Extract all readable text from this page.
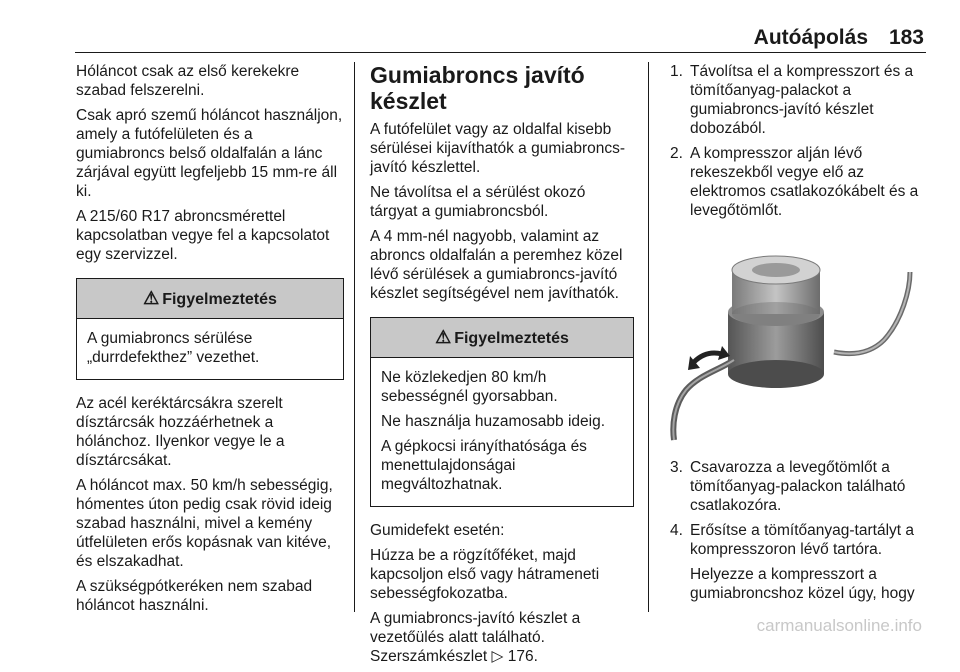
Autóápolás 183

Hóláncot csak az első kerekekre szabad felszerelni.

Csak apró szemű hóláncot használjon, amely a futófelületen és a gumiabroncs belső oldalfalán a lánc zárjával együtt legfeljebb 15 mm-re áll ki.

A 215/60 R17 abroncsmérettel kapcsolatban vegye fel a kapcsolatot egy szervizzel.

⚠ Figyelmeztetés

A gumiabroncs sérülése „durrdefekthez” vezethet.

Az acél keréktárcsákra szerelt dísztárcsák hozzáérhetnek a hólánchoz. Ilyenkor vegye le a dísztárcsákat.

A hóláncot max. 50 km/h sebességig, hómentes úton pedig csak rövid ideig szabad használni, mivel a kemény útfelületen erős kopásnak van kitéve, és elszakadhat.

A szükségpótkeréken nem szabad hóláncot használni.

Gumiabroncs javító készlet

A futófelület vagy az oldalfal kisebb sérülései kijavíthatók a gumiabroncs-javító készlettel.

Ne távolítsa el a sérülést okozó tárgyat a gumiabroncsból.

A 4 mm-nél nagyobb, valamint az abroncs oldalfalán a peremhez közel lévő sérülések a gumiabroncs-javító készlet segítségével nem javíthatók.

⚠ Figyelmeztetés

Ne közlekedjen 80 km/h sebességnél gyorsabban.

Ne használja huzamosabb ideig.

A gépkocsi irányíthatósága és menettulajdonságai megváltozhatnak.

Gumidefekt esetén:

Húzza be a rögzítőféket, majd kapcsoljon első vagy hátrameneti sebességfokozatba.

A gumiabroncs-javító készlet a vezetőülés alatt található.
Szerszámkészlet ▷ 176.

1. Távolítsa el a kompresszort és a tömítőanyag-palackot a gumiabroncs-javító készlet dobozából.
2. A kompresszor alján lévő rekeszekből vegye elő az elektromos csatlakozókábelt és a levegőtömlőt.
3. Csavarozza a levegőtömlőt a tömítőanyag-palackon található csatlakozóra.
4. Erősítse a tömítőanyag-tartályt a kompresszoron lévő tartóra.

Helyezze a kompresszort a gumiabroncshoz közel úgy, hogy

carmanualsonline.info
